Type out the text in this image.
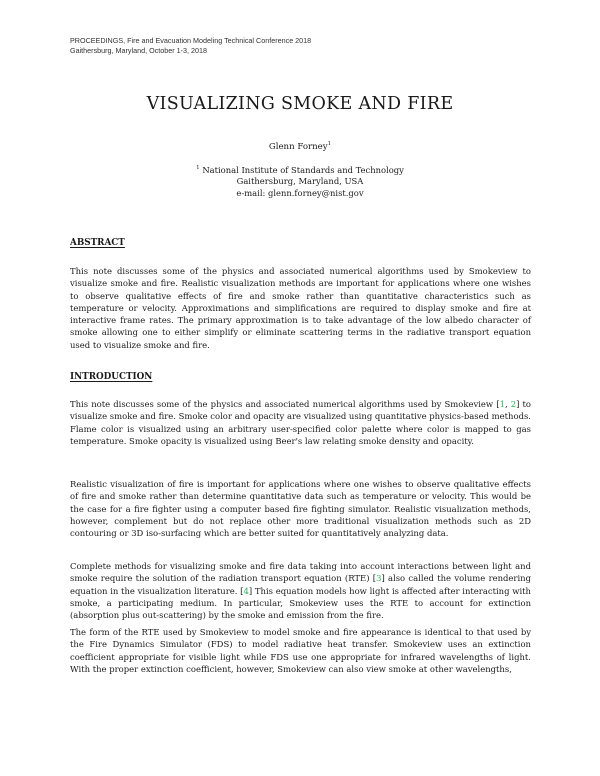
PROCEEDINGS, Fire and Evacuation Modeling Technical Conference 2018
Gaithersburg, Maryland, October 1-3, 2018
VISUALIZING SMOKE AND FIRE
Glenn Forney$^1$
$^1$ National Institute of Standards and Technology
Gaithersburg, Maryland, USA
e-mail: glenn.forney@nist.gov
ABSTRACT

This note discusses some of the physics and associated numerical algorithms used by Smokeview to visualize smoke and fire. Realistic visualization methods are important for applications where one wishes to observe qualitative effects of fire and smoke rather than quantitative characteristics such as temperature or velocity. Approximations and simplifications are required to display smoke and fire at interactive frame rates. The primary approximation is to take advantage of the low albedo character of smoke allowing one to either simplify or eliminate scattering terms in the radiative transport equation used to visualize smoke and fire.

INTRODUCTION

This note discusses some of the physics and associated numerical algorithms used by Smokeview [1, 2] to visualize smoke and fire. Smoke color and opacity are visualized using quantitative physics-based methods. Flame color is visualized using an arbitrary user-specified color palette where color is mapped to gas temperature. Smoke opacity is visualized using Beer's law relating smoke density and opacity.

Realistic visualization of fire is important for applications where one wishes to observe qualitative effects of fire and smoke rather than determine quantitative data such as temperature or velocity. This would be the case for a fire fighter using a computer based fire fighting simulator. Realistic visualization methods, however, complement but do not replace other more traditional visualization methods such as 2D contouring or 3D iso-surfacing which are better suited for quantitatively analyzing data.

Complete methods for visualizing smoke and fire data taking into account interactions between light and smoke require the solution of the radiation transport equation (RTE) [3] also called the volume rendering equation in the visualization literature. [4] This equation models how light is affected after interacting with smoke, a participating medium. In particular, Smokeview uses the RTE to account for extinction (absorption plus out-scattering) by the smoke and emission from the fire.

The form of the RTE used by Smokeview to model smoke and fire appearance is identical to that used by the Fire Dynamics Simulator (FDS) to model radiative heat transfer. Smokeview uses an extinction coefficient appropriate for visible light while FDS use one appropriate for infrared wavelengths of light. With the proper extinction coefficient, however, Smokeview can also view smoke at other wavelengths,
